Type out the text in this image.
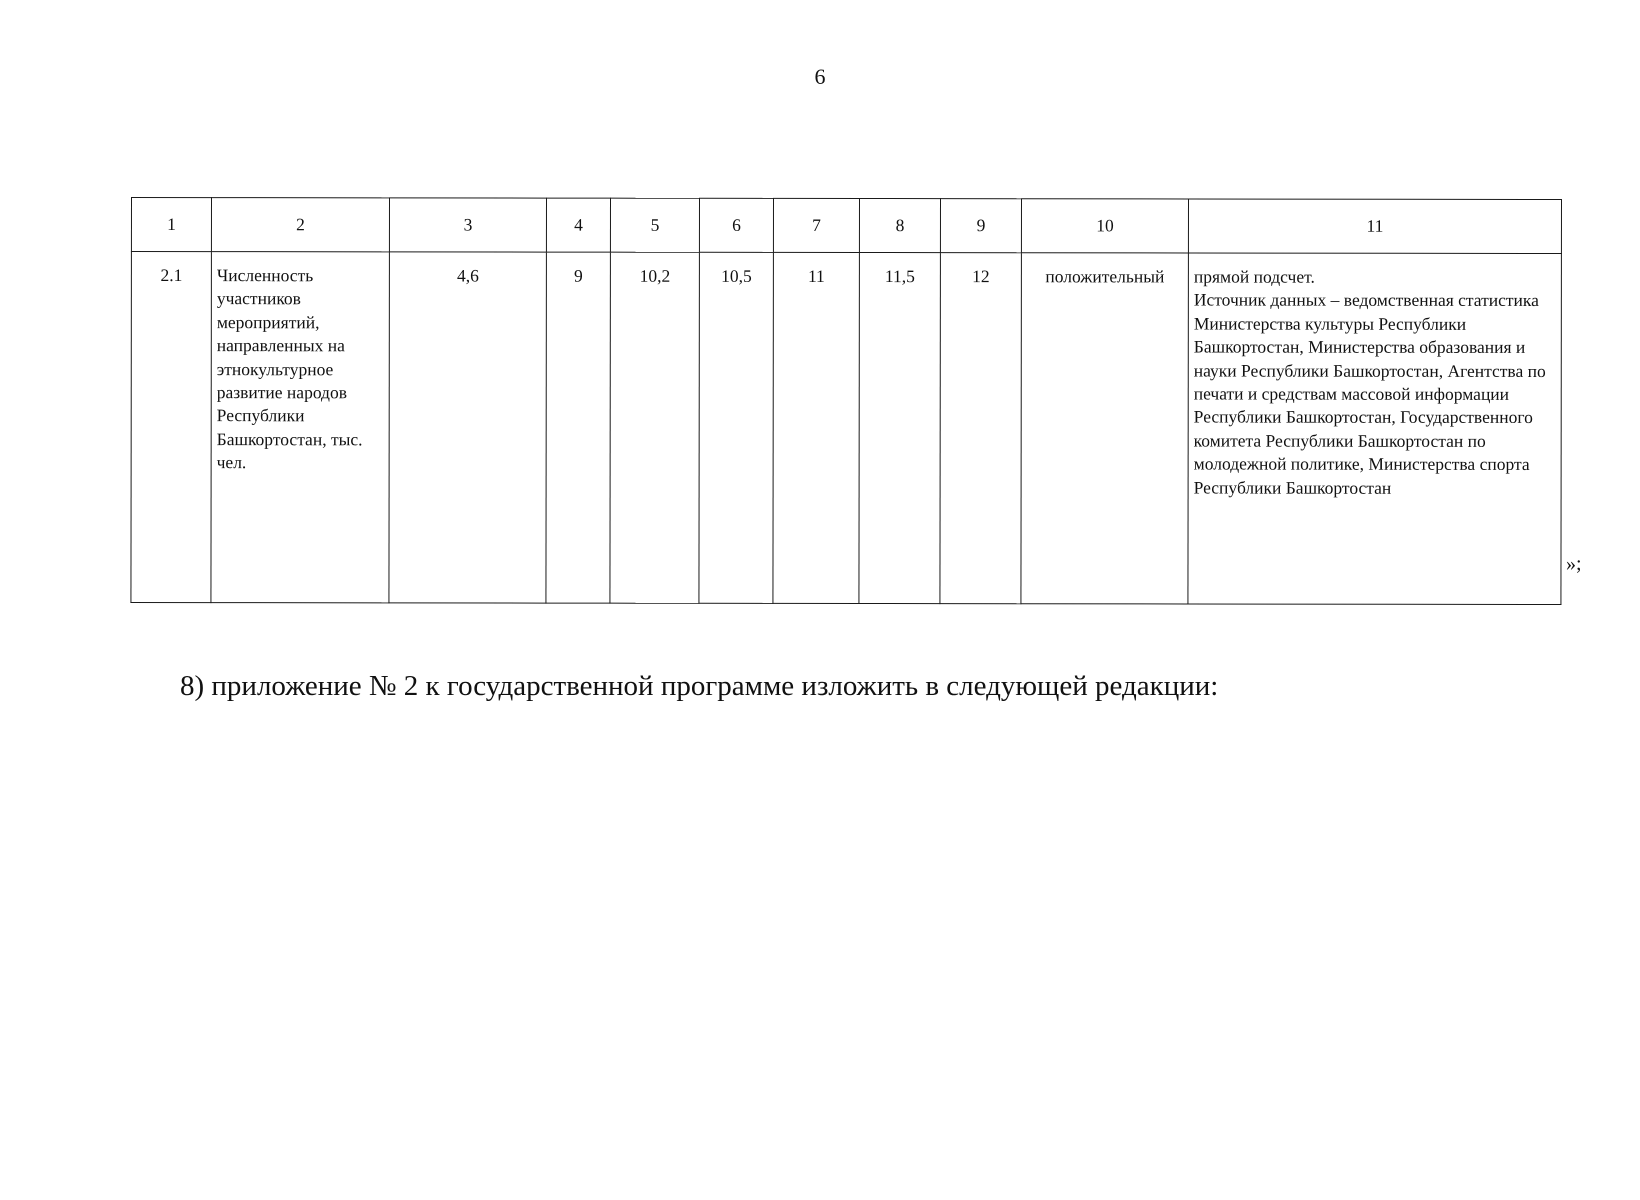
6
1	2	3	4	5	6	7	8	9	10	11
2.1	Численность участников мероприятий, направленных на этнокультурное развитие народов Республики Башкортостан, тыс. чел.	4,6	9	10,2	10,5	11	11,5	12	положительный	прямой подсчет.
Источник данных – ведомственная статистика Министерства культуры Республики Башкортостан, Министерства образования и науки Республики Башкортостан, Агентства по печати и средствам массовой информации Республики Башкортостан, Государственного комитета Республики Башкортостан по молодежной политике, Министерства спорта Республики Башкортостан
»;
8) приложение № 2 к государственной программе изложить в следующей редакции:
